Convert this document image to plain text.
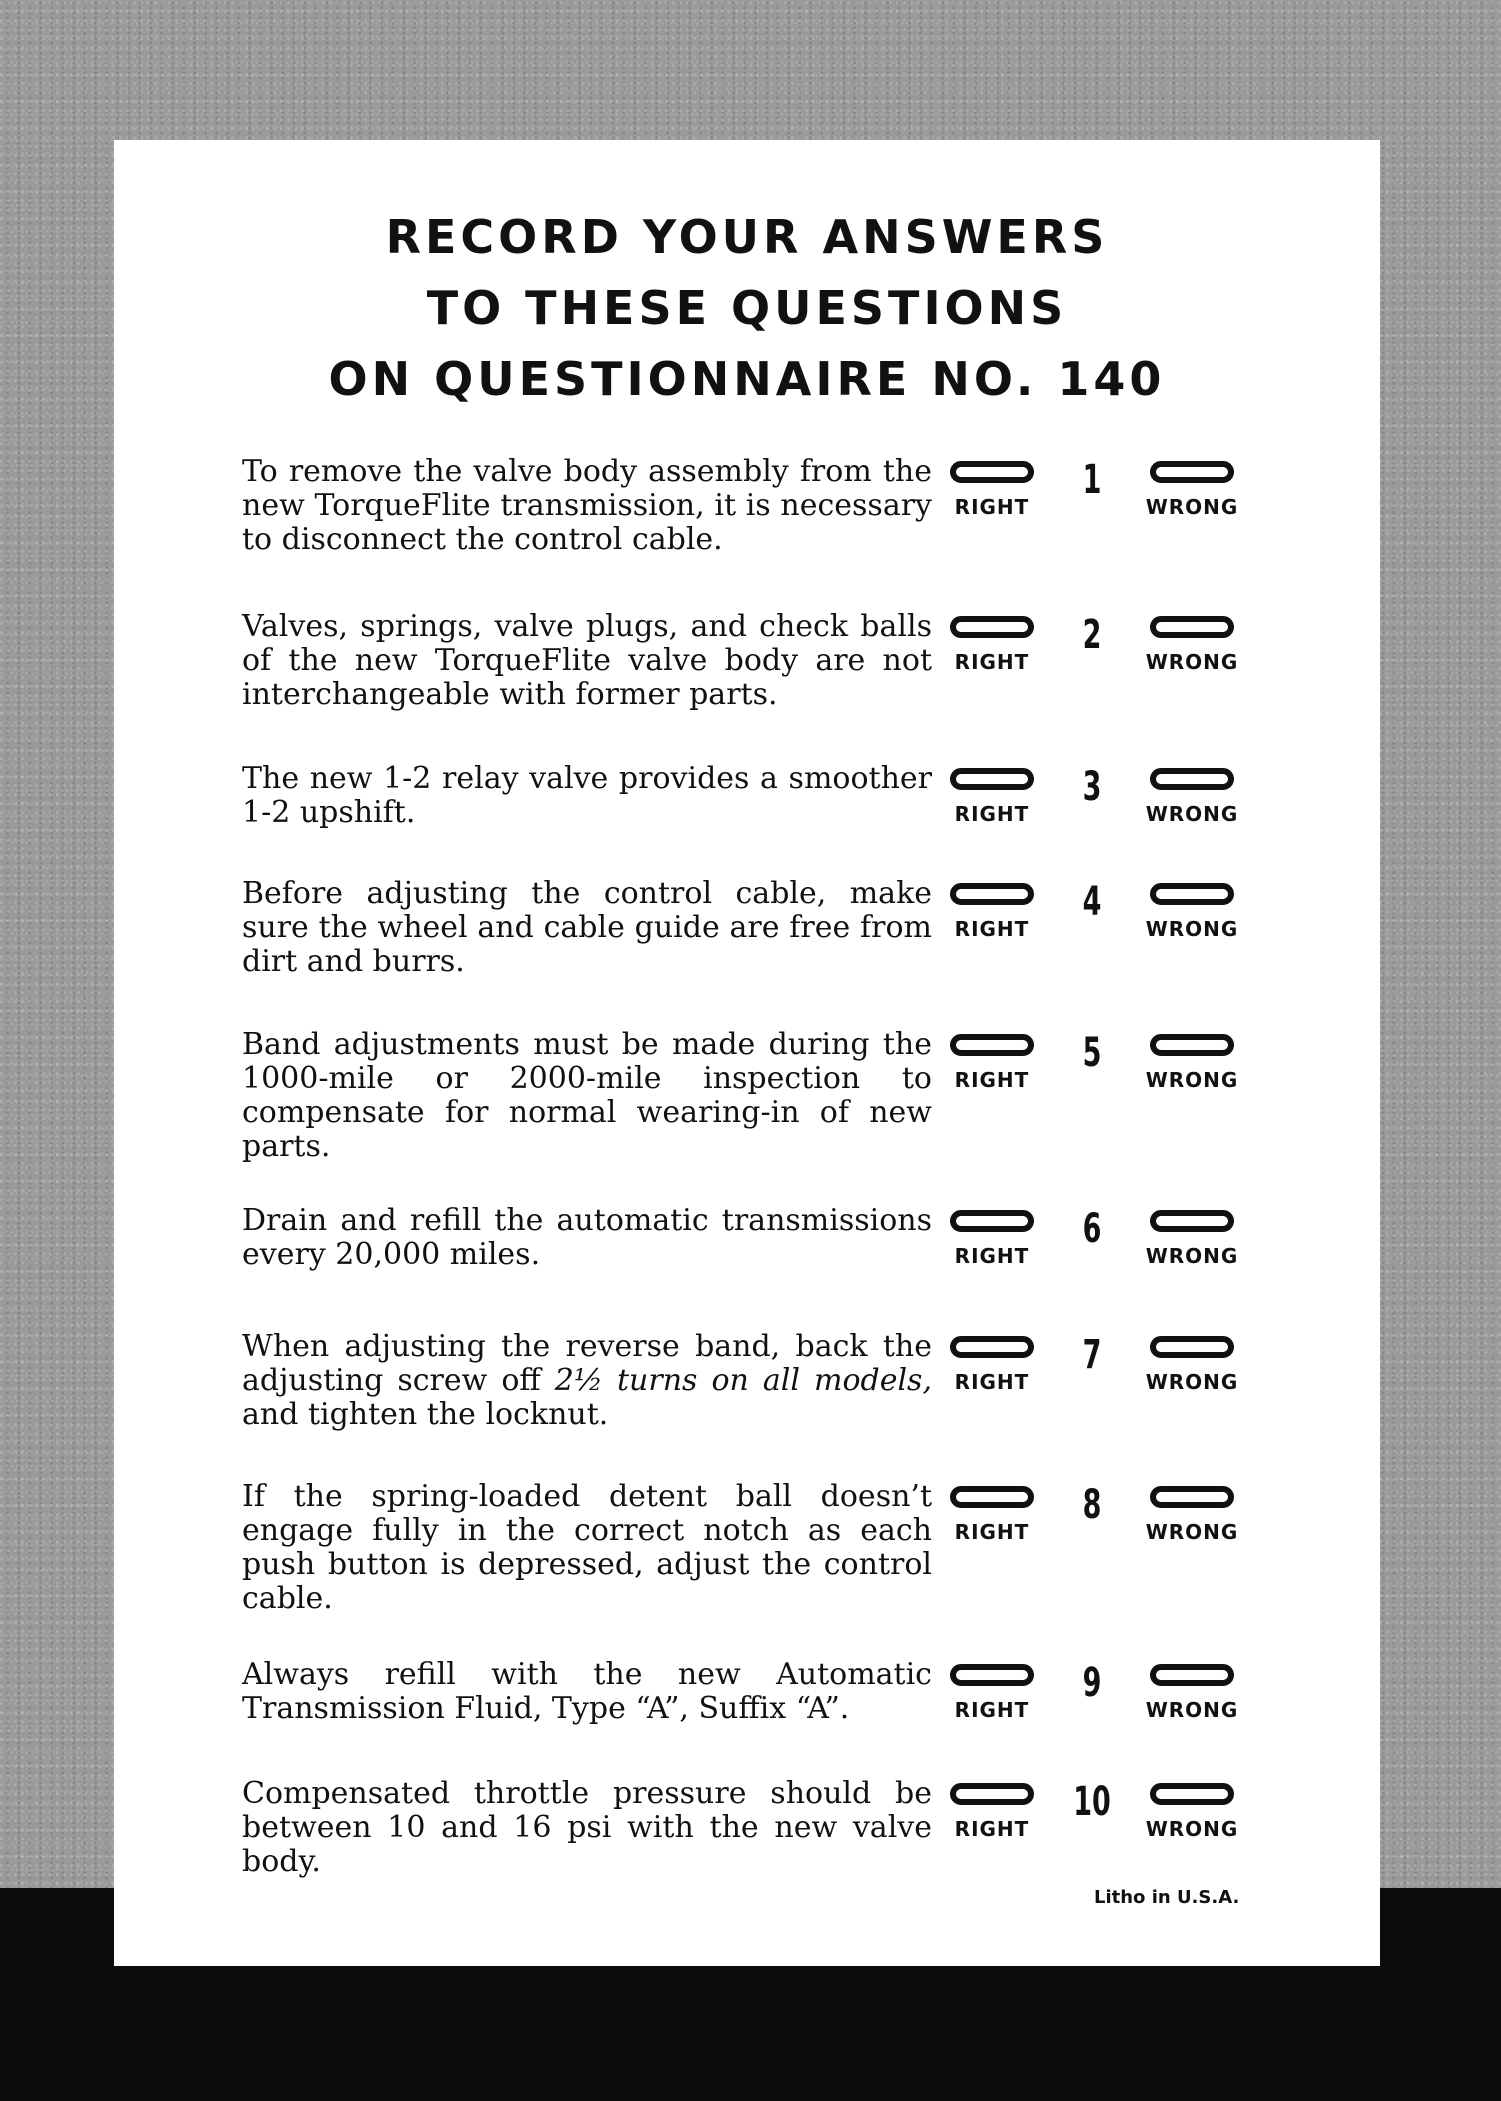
RECORD YOUR ANSWERS
TO THESE QUESTIONS
ON QUESTIONNAIRE NO. 140
To remove the valve body assembly from the new TorqueFlite transmission, it is necessary to disconnect the control cable.
RIGHT
1
WRONG
Valves, springs, valve plugs, and check balls of the new TorqueFlite valve body are not interchangeable with former parts.
RIGHT
2
WRONG
The new 1-2 relay valve provides a smoother 1-2 upshift.	RIGHT
3
WRONG
Before adjusting the control cable, make sure the wheel and cable guide are free from dirt and burrs.
RIGHT
4
WRONG
Band adjustments must be made during the 1000-mile or 2000-mile inspection to compensate for normal wearing-in of new parts.
RIGHT
5
WRONG
Drain and refill the automatic transmissions every 20,000 miles.	RIGHT
6
WRONG
When adjusting the reverse band, back the adjusting screw off 2½ turns on all models, and tighten the locknut.
RIGHT
7
WRONG
If the spring-loaded detent ball doesn’t engage fully in the correct notch as each push button is depressed, adjust the control cable.
RIGHT
8
WRONG
Always refill with the new Automatic Transmission Fluid, Type “A”, Suffix “A”.	RIGHT
9
WRONG
Compensated throttle pressure should be between 10 and 16 psi with the new valve body.
RIGHT
10
WRONG
Litho in U.S.A.
